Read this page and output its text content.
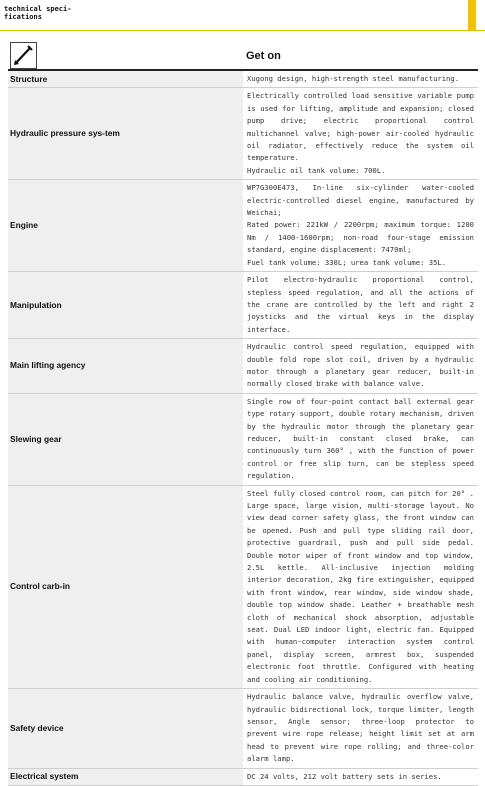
technical speci-
fications
	Get on
Structure	Xugong design, high-strength steel manufacturing.
Hydraulic pressure sys-tem	Electrically controlled load sensitive variable pump is used for lifting, amplitude and expansion; closed pump drive; electric proportional control multichannel valve; high-power air-cooled hydraulic oil radiator, effectively reduce the system oil temperature.
Hydraulic oil tank volume: 700L.
Engine	WP7G300E473, In-line six-cylinder water-cooled electric-controlled diesel engine, manufactured by Weichai;
Rated power: 221kW / 2200rpm; maximum torque: 1200 Nm / 1400-1600rpm; non-road four-stage emission standard, engine displacement: 7470ml;
Fuel tank volume: 330L; urea tank volume: 35L.
Manipulation	Pilot electro-hydraulic proportional control, stepless speed regulation, and all the actions of the crane are controlled by the left and right 2 joysticks and the virtual keys in the display interface.
Main lifting agency	Hydraulic control speed regulation, equipped with double fold rope slot coil, driven by a hydraulic motor through a planetary gear reducer, built-in normally closed brake with balance valve.
Slewing gear	Single row of four-point contact ball external gear type rotary support, double rotary mechanism, driven by the hydraulic motor through the planetary gear reducer, built-in constant closed brake, can continuously turn 360° , with the function of power control or free slip turn, can be stepless speed regulation.
Control carb-in	Steel fully closed control room, can pitch for 20° . Large space, large vision, multi-storage layout. No view dead corner safety glass, the front window can be opened. Push and pull type sliding rail door, protective guardrail, push and pull side pedal. Double motor wiper of front window and top window, 2.5L kettle. All-inclusive injection molding interior decoration, 2kg fire extinguisher, equipped with front window, rear window, side window shade, double top window shade. Leather + breathable mesh cloth of mechanical shock absorption, adjustable seat. Dual LED indoor light, electric fan. Equipped with human-computer interaction system control panel, display screen, armrest box, suspended electronic foot throttle. Configured with heating and cooling air conditioning.
Safety device	Hydraulic balance valve, hydraulic overflow valve, hydraulic bidirectional lock, torque limiter, length sensor, Angle sensor; three-loop protector to prevent wire rope release; height limit set at arm head to prevent wire rope rolling; and three-color alarm lamp.
Electrical system	DC 24 volts, 212 volt battery sets in series.
